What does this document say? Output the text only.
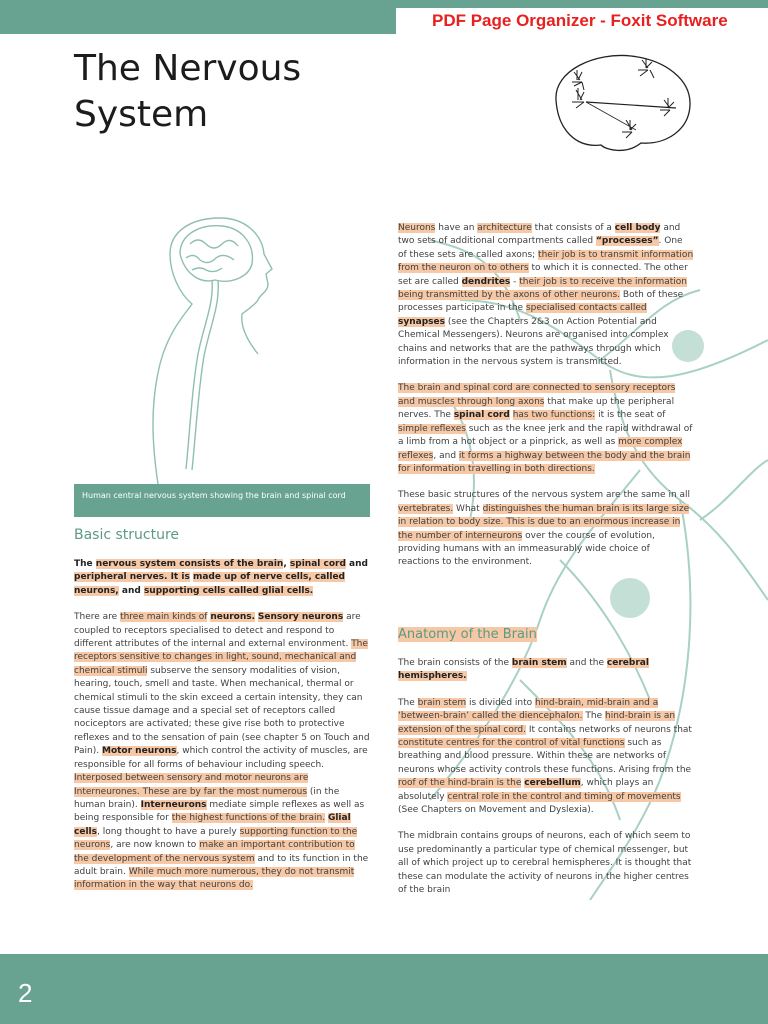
PDF Page Organizer - Foxit Software
The Nervous
System
Human central nervous system showing the brain and spinal cord
Basic structure

The nervous system consists of the brain, spinal cord and peripheral nerves. It is made up of nerve cells, called neurons, and supporting cells called glial cells.

There are three main kinds of neurons. Sensory neurons are coupled to receptors specialised to detect and respond to different attributes of the internal and external environment. The receptors sensitive to changes in light, sound, mechanical and chemical stimuli subserve the sensory modalities of vision, hearing, touch, smell and taste. When mechanical, thermal or chemical stimuli to the skin exceed a certain intensity, they can cause tissue damage and a special set of receptors called nociceptors are activated; these give rise both to protective reflexes and to the sensation of pain (see chapter 5 on Touch and Pain). Motor neurons, which control the activity of muscles, are responsible for all forms of behaviour including speech. Interposed between sensory and motor neurons are Interneurones. These are by far the most numerous (in the human brain). Interneurons mediate simple reflexes as well as being responsible for the highest functions of the brain. Glial cells, long thought to have a purely supporting function to the neurons, are now known to make an important contribution to the development of the nervous system and to its function in the adult brain. While much more numerous, they do not transmit information in the way that neurons do.

Neurons have an architecture that consists of a cell body and two sets of additional compartments called “processes”. One of these sets are called axons; their job is to transmit information from the neuron on to others to which it is connected. The other set are called dendrites - their job is to receive the information being transmitted by the axons of other neurons. Both of these processes participate in the specialised contacts called synapses (see the Chapters 2&3 on Action Potential and Chemical Messengers). Neurons are organised into complex chains and networks that are the pathways through which information in the nervous system is transmitted.

The brain and spinal cord are connected to sensory receptors and muscles through long axons that make up the peripheral nerves. The spinal cord has two functions: it is the seat of simple reflexes such as the knee jerk and the rapid withdrawal of a limb from a hot object or a pinprick, as well as more complex reflexes, and it forms a highway between the body and the brain for information travelling in both directions.

These basic structures of the nervous system are the same in all vertebrates. What distinguishes the human brain is its large size in relation to body size. This is due to an enormous increase in the number of interneurons over the course of evolution, providing humans with an immeasurably wide choice of reactions to the environment.

Anatomy of the Brain

The brain consists of the brain stem and the cerebral hemispheres.

The brain stem is divided into hind-brain, mid-brain and a ‘between-brain’ called the diencephalon. The hind-brain is an extension of the spinal cord. It contains networks of neurons that constitute centres for the control of vital functions such as breathing and blood pressure. Within these are networks of neurons whose activity controls these functions. Arising from the roof of the hind-brain is the cerebellum, which plays an absolutely central role in the control and timing of movements (See Chapters on Movement and Dyslexia).

The midbrain contains groups of neurons, each of which seem to use predominantly a particular type of chemical messenger, but all of which project up to cerebral hemispheres. It is thought that these can modulate the activity of neurons in the higher centres of the brain

2
